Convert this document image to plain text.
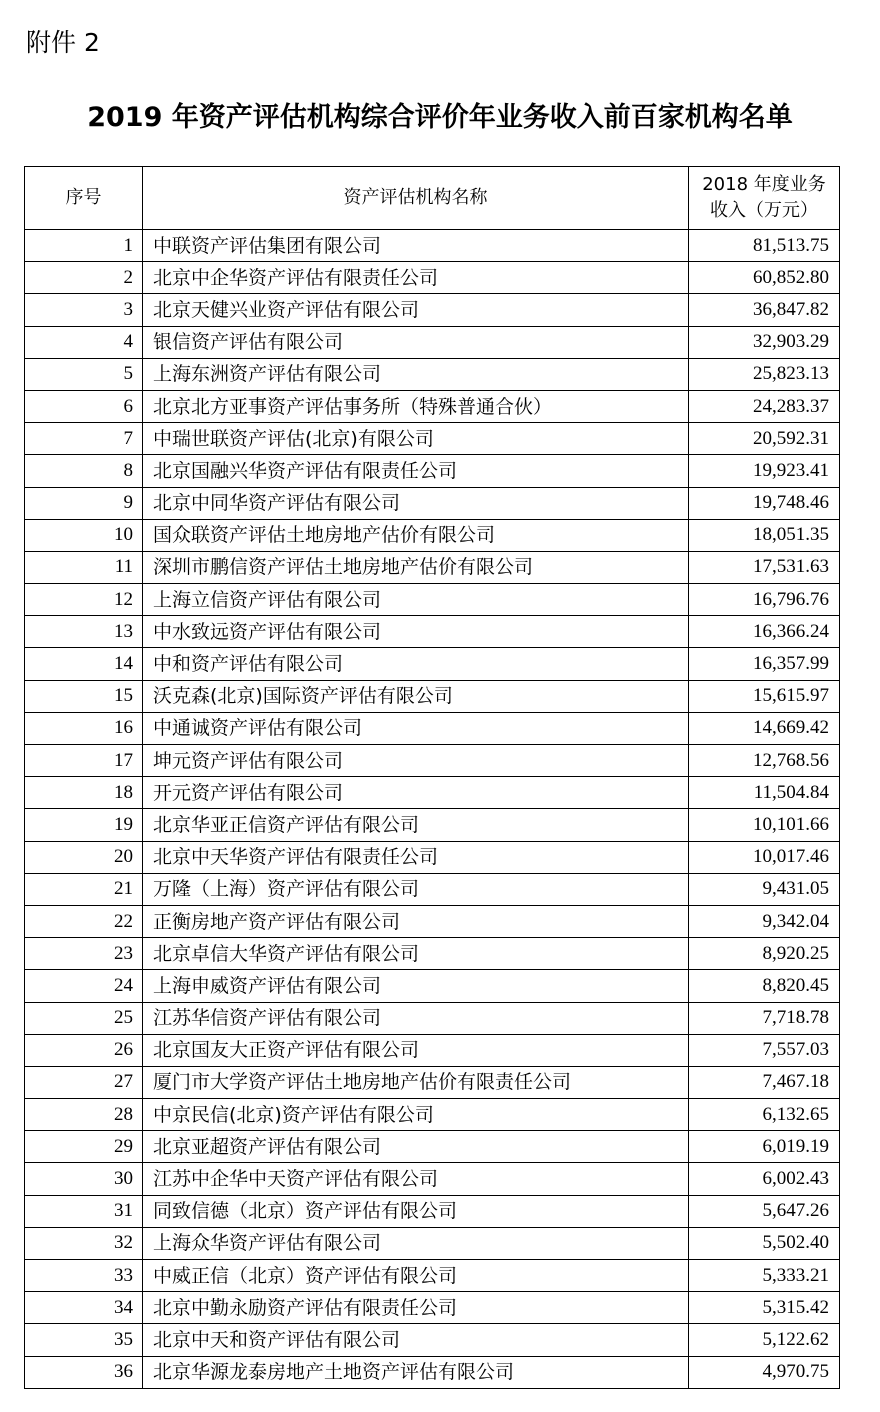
附件 2
2019 年资产评估机构综合评价年业务收入前百家机构名单
序号	资产评估机构名称	2018 年度业务
收入（万元）

1	中联资产评估集团有限公司	81,513.75
2	北京中企华资产评估有限责任公司	60,852.80
3	北京天健兴业资产评估有限公司	36,847.82
4	银信资产评估有限公司	32,903.29
5	上海东洲资产评估有限公司	25,823.13
6	北京北方亚事资产评估事务所（特殊普通合伙）	24,283.37
7	中瑞世联资产评估(北京)有限公司	20,592.31
8	北京国融兴华资产评估有限责任公司	19,923.41
9	北京中同华资产评估有限公司	19,748.46
10	国众联资产评估土地房地产估价有限公司	18,051.35
11	深圳市鹏信资产评估土地房地产估价有限公司	17,531.63
12	上海立信资产评估有限公司	16,796.76
13	中水致远资产评估有限公司	16,366.24
14	中和资产评估有限公司	16,357.99
15	沃克森(北京)国际资产评估有限公司	15,615.97
16	中通诚资产评估有限公司	14,669.42
17	坤元资产评估有限公司	12,768.56
18	开元资产评估有限公司	11,504.84
19	北京华亚正信资产评估有限公司	10,101.66
20	北京中天华资产评估有限责任公司	10,017.46
21	万隆（上海）资产评估有限公司	9,431.05
22	正衡房地产资产评估有限公司	9,342.04
23	北京卓信大华资产评估有限公司	8,920.25
24	上海申威资产评估有限公司	8,820.45
25	江苏华信资产评估有限公司	7,718.78
26	北京国友大正资产评估有限公司	7,557.03
27	厦门市大学资产评估土地房地产估价有限责任公司	7,467.18
28	中京民信(北京)资产评估有限公司	6,132.65
29	北京亚超资产评估有限公司	6,019.19
30	江苏中企华中天资产评估有限公司	6,002.43
31	同致信德（北京）资产评估有限公司	5,647.26
32	上海众华资产评估有限公司	5,502.40
33	中威正信（北京）资产评估有限公司	5,333.21
34	北京中勤永励资产评估有限责任公司	5,315.42
35	北京中天和资产评估有限公司	5,122.62
36	北京华源龙泰房地产土地资产评估有限公司	4,970.75
